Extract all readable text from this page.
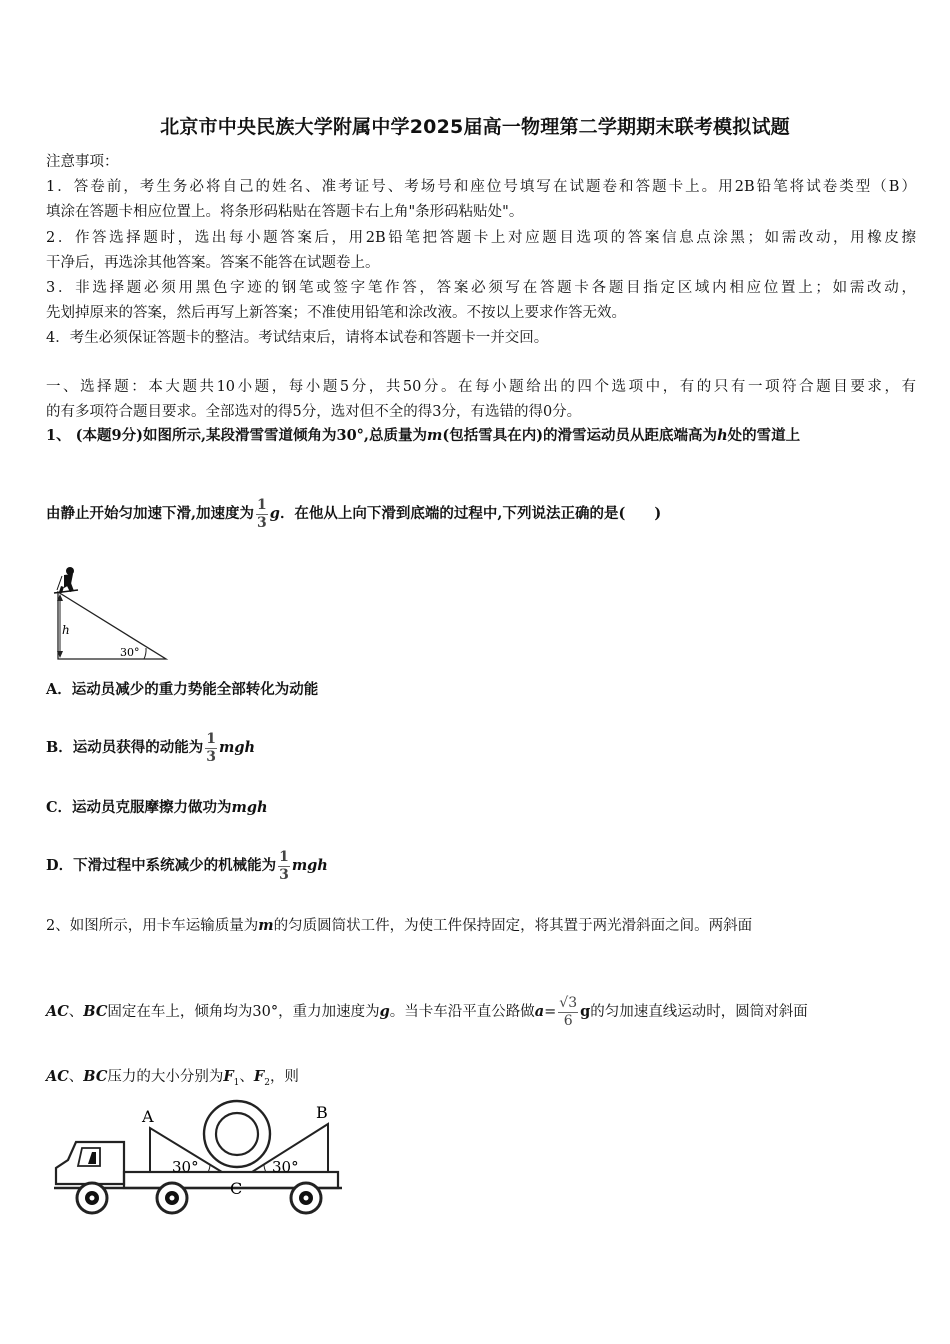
北京市中央民族大学附属中学2025届高一物理第二学期期末联考模拟试题
注意事项：
1．答卷前，考生务必将自己的姓名、准考证号、考场号和座位号填写在试题卷和答题卡上。用2B铅笔将试卷类型（B）
填涂在答题卡相应位置上。将条形码粘贴在答题卡右上角"条形码粘贴处"。
2．作答选择题时，选出每小题答案后，用2B铅笔把答题卡上对应题目选项的答案信息点涂黑；如需改动，用橡皮擦
干净后，再选涂其他答案。答案不能答在试题卷上。
3．非选择题必须用黑色字迹的钢笔或签字笔作答，答案必须写在答题卡各题目指定区域内相应位置上；如需改动，
先划掉原来的答案，然后再写上新答案；不准使用铅笔和涂改液。不按以上要求作答无效。
4．考生必须保证答题卡的整洁。考试结束后，请将本试卷和答题卡一并交回。
一、选择题：本大题共10小题，每小题5分，共50分。在每小题给出的四个选项中，有的只有一项符合题目要求，有
的有多项符合题目要求。全部选对的得5分，选对但不全的得3分，有选错的得0分。
1、 (本题9分)如图所示,某段滑雪雪道倾角为30°,总质量为m(包括雪具在内)的滑雪运动员从距底端高为h处的雪道上
由静止开始匀加速下滑,加速度为 $\frac{1}{3}$ g．在他从上向下滑到底端的过程中,下列说法正确的是(　　)
h
30°
A．运动员减少的重力势能全部转化为动能
B．运动员获得的动能为 $\frac{1}{3}$ mgh
C．运动员克服摩擦力做功为mgh
D．下滑过程中系统减少的机械能为 $\frac{1}{3}$ mgh
2、如图所示，用卡车运输质量为m的匀质圆筒状工件，为使工件保持固定，将其置于两光滑斜面之间。两斜面
AC、BC固定在车上，倾角均为30°，重力加速度为g。当卡车沿平直公路做$a= \frac{√3}{6}$ g的匀加速直线运动时，圆筒对斜面
AC、BC压力的大小分别为$F_1$、$F_2$，则
A	B
C
30°	30°
